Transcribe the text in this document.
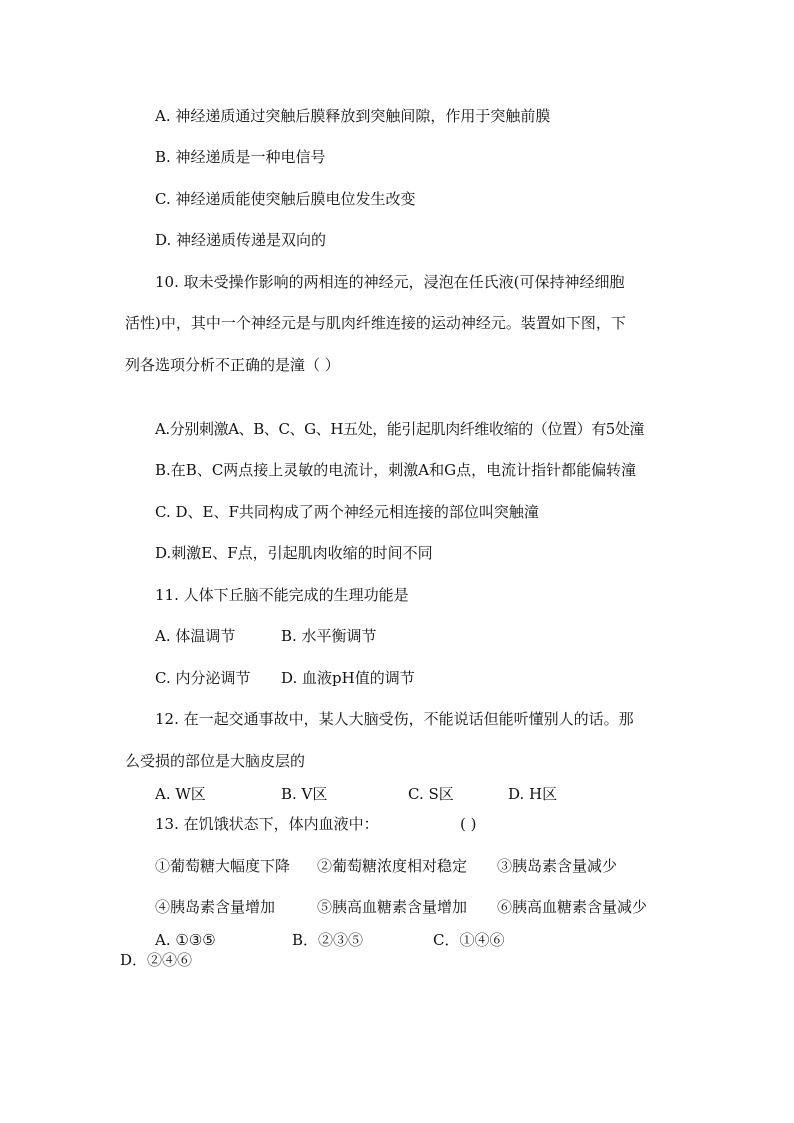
A. 神经递质通过突触后膜释放到突触间隙，作用于突触前膜
B. 神经递质是一种电信号
C. 神经递质能使突触后膜电位发生改变
D. 神经递质传递是双向的
10. 取未受操作影响的两相连的神经元，浸泡在任氏液(可保持神经细胞
活性)中，其中一个神经元是与肌肉纤维连接的运动神经元。装置如下图，下
列各选项分析不正确的是潼（ ）
A.分别刺激A、B、C、G、H五处，能引起肌肉纤维收缩的（位置）有5处潼
B.在B、C两点接上灵敏的电流计，刺激A和G点，电流计指针都能偏转潼
C. D、E、F共同构成了两个神经元相连接的部位叫突触潼
D.刺激E、F点，引起肌肉收缩的时间不同
11. 人体下丘脑不能完成的生理功能是
A. 体温调节	B. 水平衡调节
C. 内分泌调节 D. 血液pH值的调节
12. 在一起交通事故中，某人大脑受伤，不能说话但能听懂别人的话。那
么受损的部位是大脑皮层的
A. W区	B. V区	C. S区	D. H区
13. 在饥饿状态下，体内血液中：	( )
①葡萄糖大幅度下降 ②葡萄糖浓度相对稳定 ③胰岛素含量减少
④胰岛素含量增加	⑤胰高血糖素含量增加 ⑥胰高血糖素含量减少
A. ①③⑤	B．②③⑤	C．①④⑥
D．②④⑥
